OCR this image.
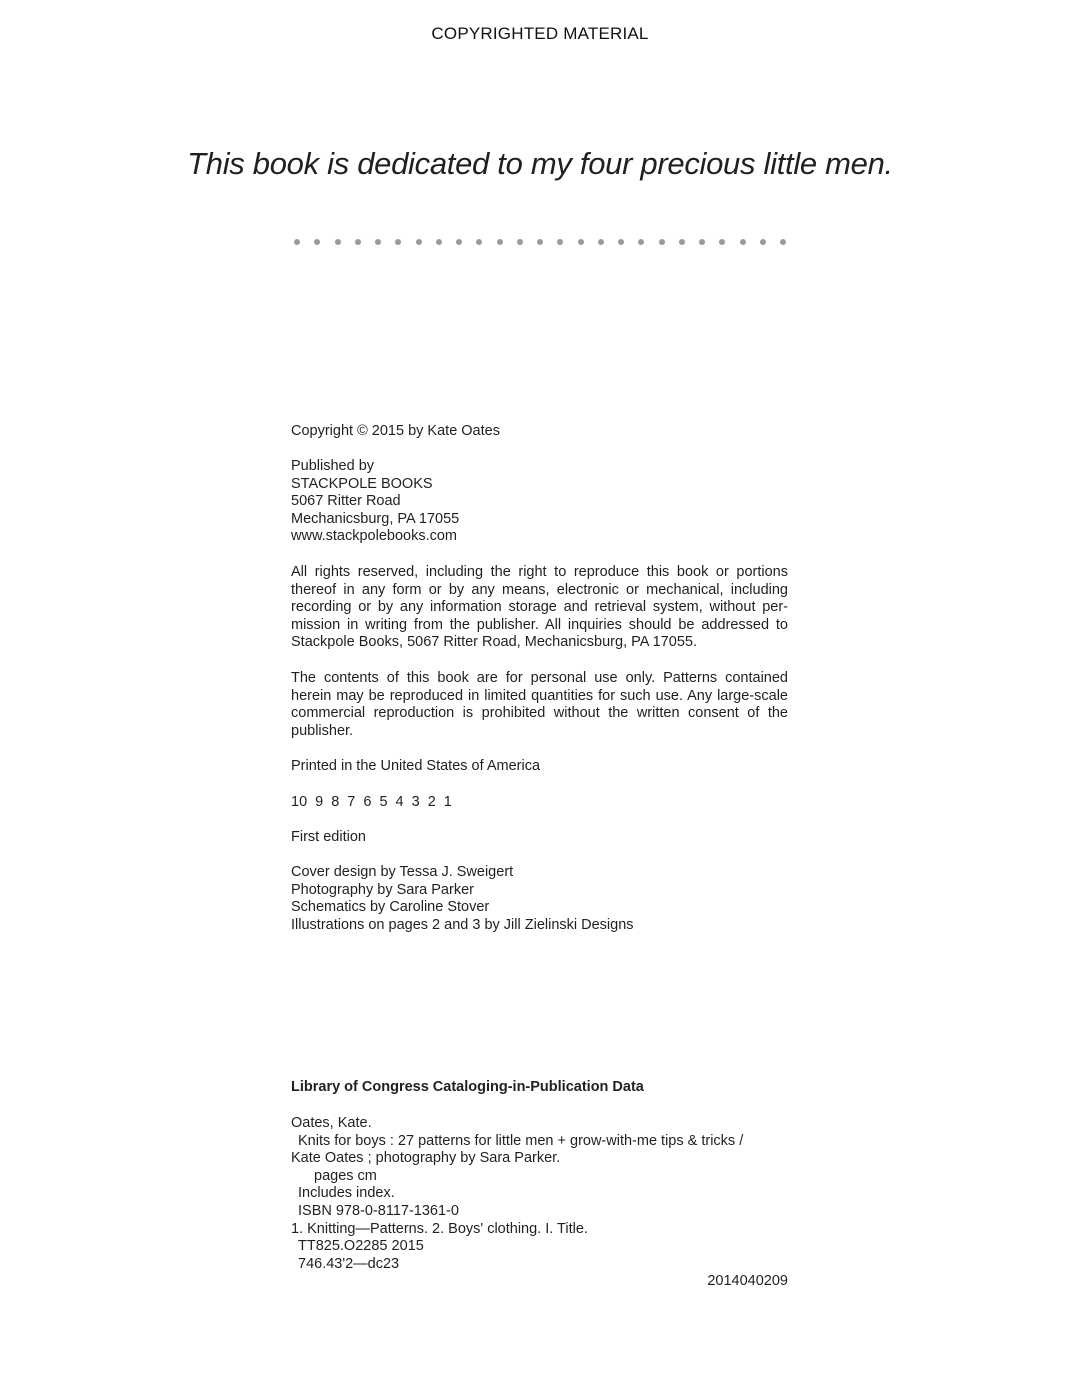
COPYRIGHTED MATERIAL
This book is dedicated to my four precious little men.

Copyright © 2015 by Kate Oates

Published by

STACKPOLE BOOKS

5067 Ritter Road

Mechanicsburg, PA 17055

www.stackpolebooks.com

All rights reserved, including the right to reproduce this book or portions

thereof in any form or by any means, electronic or mechanical, including

recording or by any information storage and retrieval system, without per-

mission in writing from the publisher. All inquiries should be addressed to

Stackpole Books, 5067 Ritter Road, Mechanicsburg, PA 17055.

The contents of this book are for personal use only. Patterns contained

herein may be reproduced in limited quantities for such use. Any large-scale

commercial reproduction is prohibited without the written consent of the

publisher.

Printed in the United States of America

10 9 8 7 6 5 4 3 2 1

First edition

Cover design by Tessa J. Sweigert

Photography by Sara Parker

Schematics by Caroline Stover

Illustrations on pages 2 and 3 by Jill Zielinski Designs

Library of Congress Cataloging-in-Publication Data

Oates, Kate.

Knits for boys : 27 patterns for little men + grow-with-me tips & tricks /

Kate Oates ; photography by Sara Parker.

pages cm

Includes index.

ISBN 978-0-8117-1361-0

1. Knitting—Patterns. 2. Boys' clothing. I. Title.

TT825.O2285 2015

746.43'2—dc23

2014040209
